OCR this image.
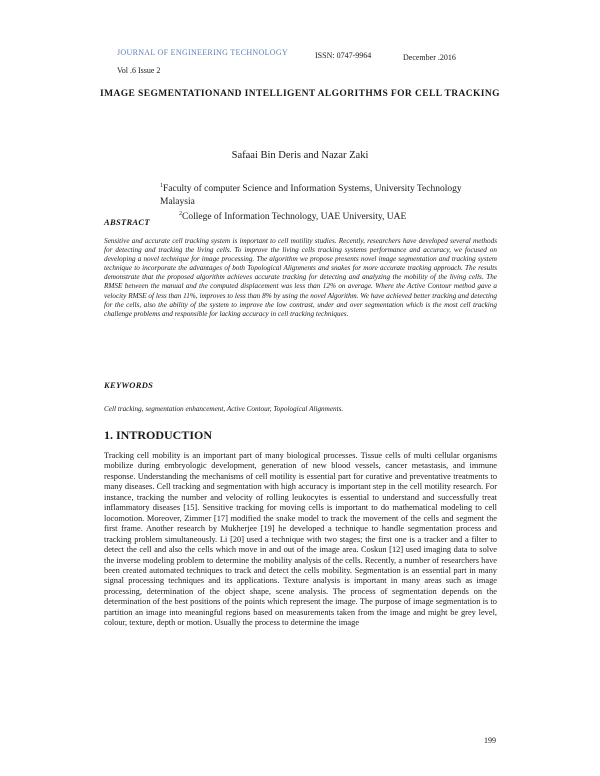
JOURNAL OF ENGINEERING TECHNOLOGY	ISSN: 0747-9964	December .2016
Vol .6 Issue 2
IMAGE SEGMENTATIONAND INTELLIGENT ALGORITHMS FOR CELL TRACKING
Safaai Bin Deris and Nazar Zaki
$^1$Faculty of computer Science and Information Systems, University Technology Malaysia
$^2$College of Information Technology, UAE University, UAE
ABSTRACT
Sensitive and accurate cell tracking system is important to cell motility studies. Recently, researchers have developed several methods for detecting and tracking the living cells. To improve the living cells tracking systems performance and accuracy, we focused on developing a novel technique for image processing. The algorithm we propose presents novel image segmentation and tracking system technique to incorporate the advantages of both Topological Alignments and snakes for more accurate tracking approach. The results demonstrate that the proposed algorithm achieves accurate tracking for detecting and analyzing the mobility of the living cells. The RMSE between the manual and the computed displacement was less than 12% on average. Where the Active Contour method gave a velocity RMSE of less than 11%, improves to less than 8% by using the novel Algorithm. We have achieved better tracking and detecting for the cells, also the ability of the system to improve the low contrast, under and over segmentation which is the most cell tracking challenge problems and responsible for lacking accuracy in cell tracking techniques.
KEYWORDS
Cell tracking, segmentation enhancement, Active Contour, Topological Alignments.
1. INTRODUCTION
Tracking cell mobility is an important part of many biological processes. Tissue cells of multi cellular organisms mobilize during embryologic development, generation of new blood vessels, cancer metastasis, and immune response. Understanding the mechanisms of cell motility is essential part for curative and preventative treatments to many diseases. Cell tracking and segmentation with high accuracy is important step in the cell motility research. For instance, tracking the number and velocity of rolling leukocytes is essential to understand and successfully treat inflammatory diseases [15]. Sensitive tracking for moving cells is important to do mathematical modeling to cell locomotion. Moreover, Zimmer [17] modified the snake model to track the movement of the cells and segment the first frame. Another research by Mukherjee [19] he developed a technique to handle segmentation process and tracking problem simultaneously. Li [20] used a technique with two stages; the first one is a tracker and a filter to detect the cell and also the cells which move in and out of the image area. Coskun [12] used imaging data to solve the inverse modeling problem to determine the mobility analysis of the cells. Recently, a number of researchers have been created automated techniques to track and detect the cells mobility. Segmentation is an essential part in many signal processing techniques and its applications. Texture analysis is important in many areas such as image processing, determination of the object shape, scene analysis. The process of segmentation depends on the determination of the best positions of the points which represent the image. The purpose of image segmentation is to partition an image into meaningful regions based on measurements taken from the image and might be grey level, colour, texture, depth or motion. Usually the process to determine the image
199
